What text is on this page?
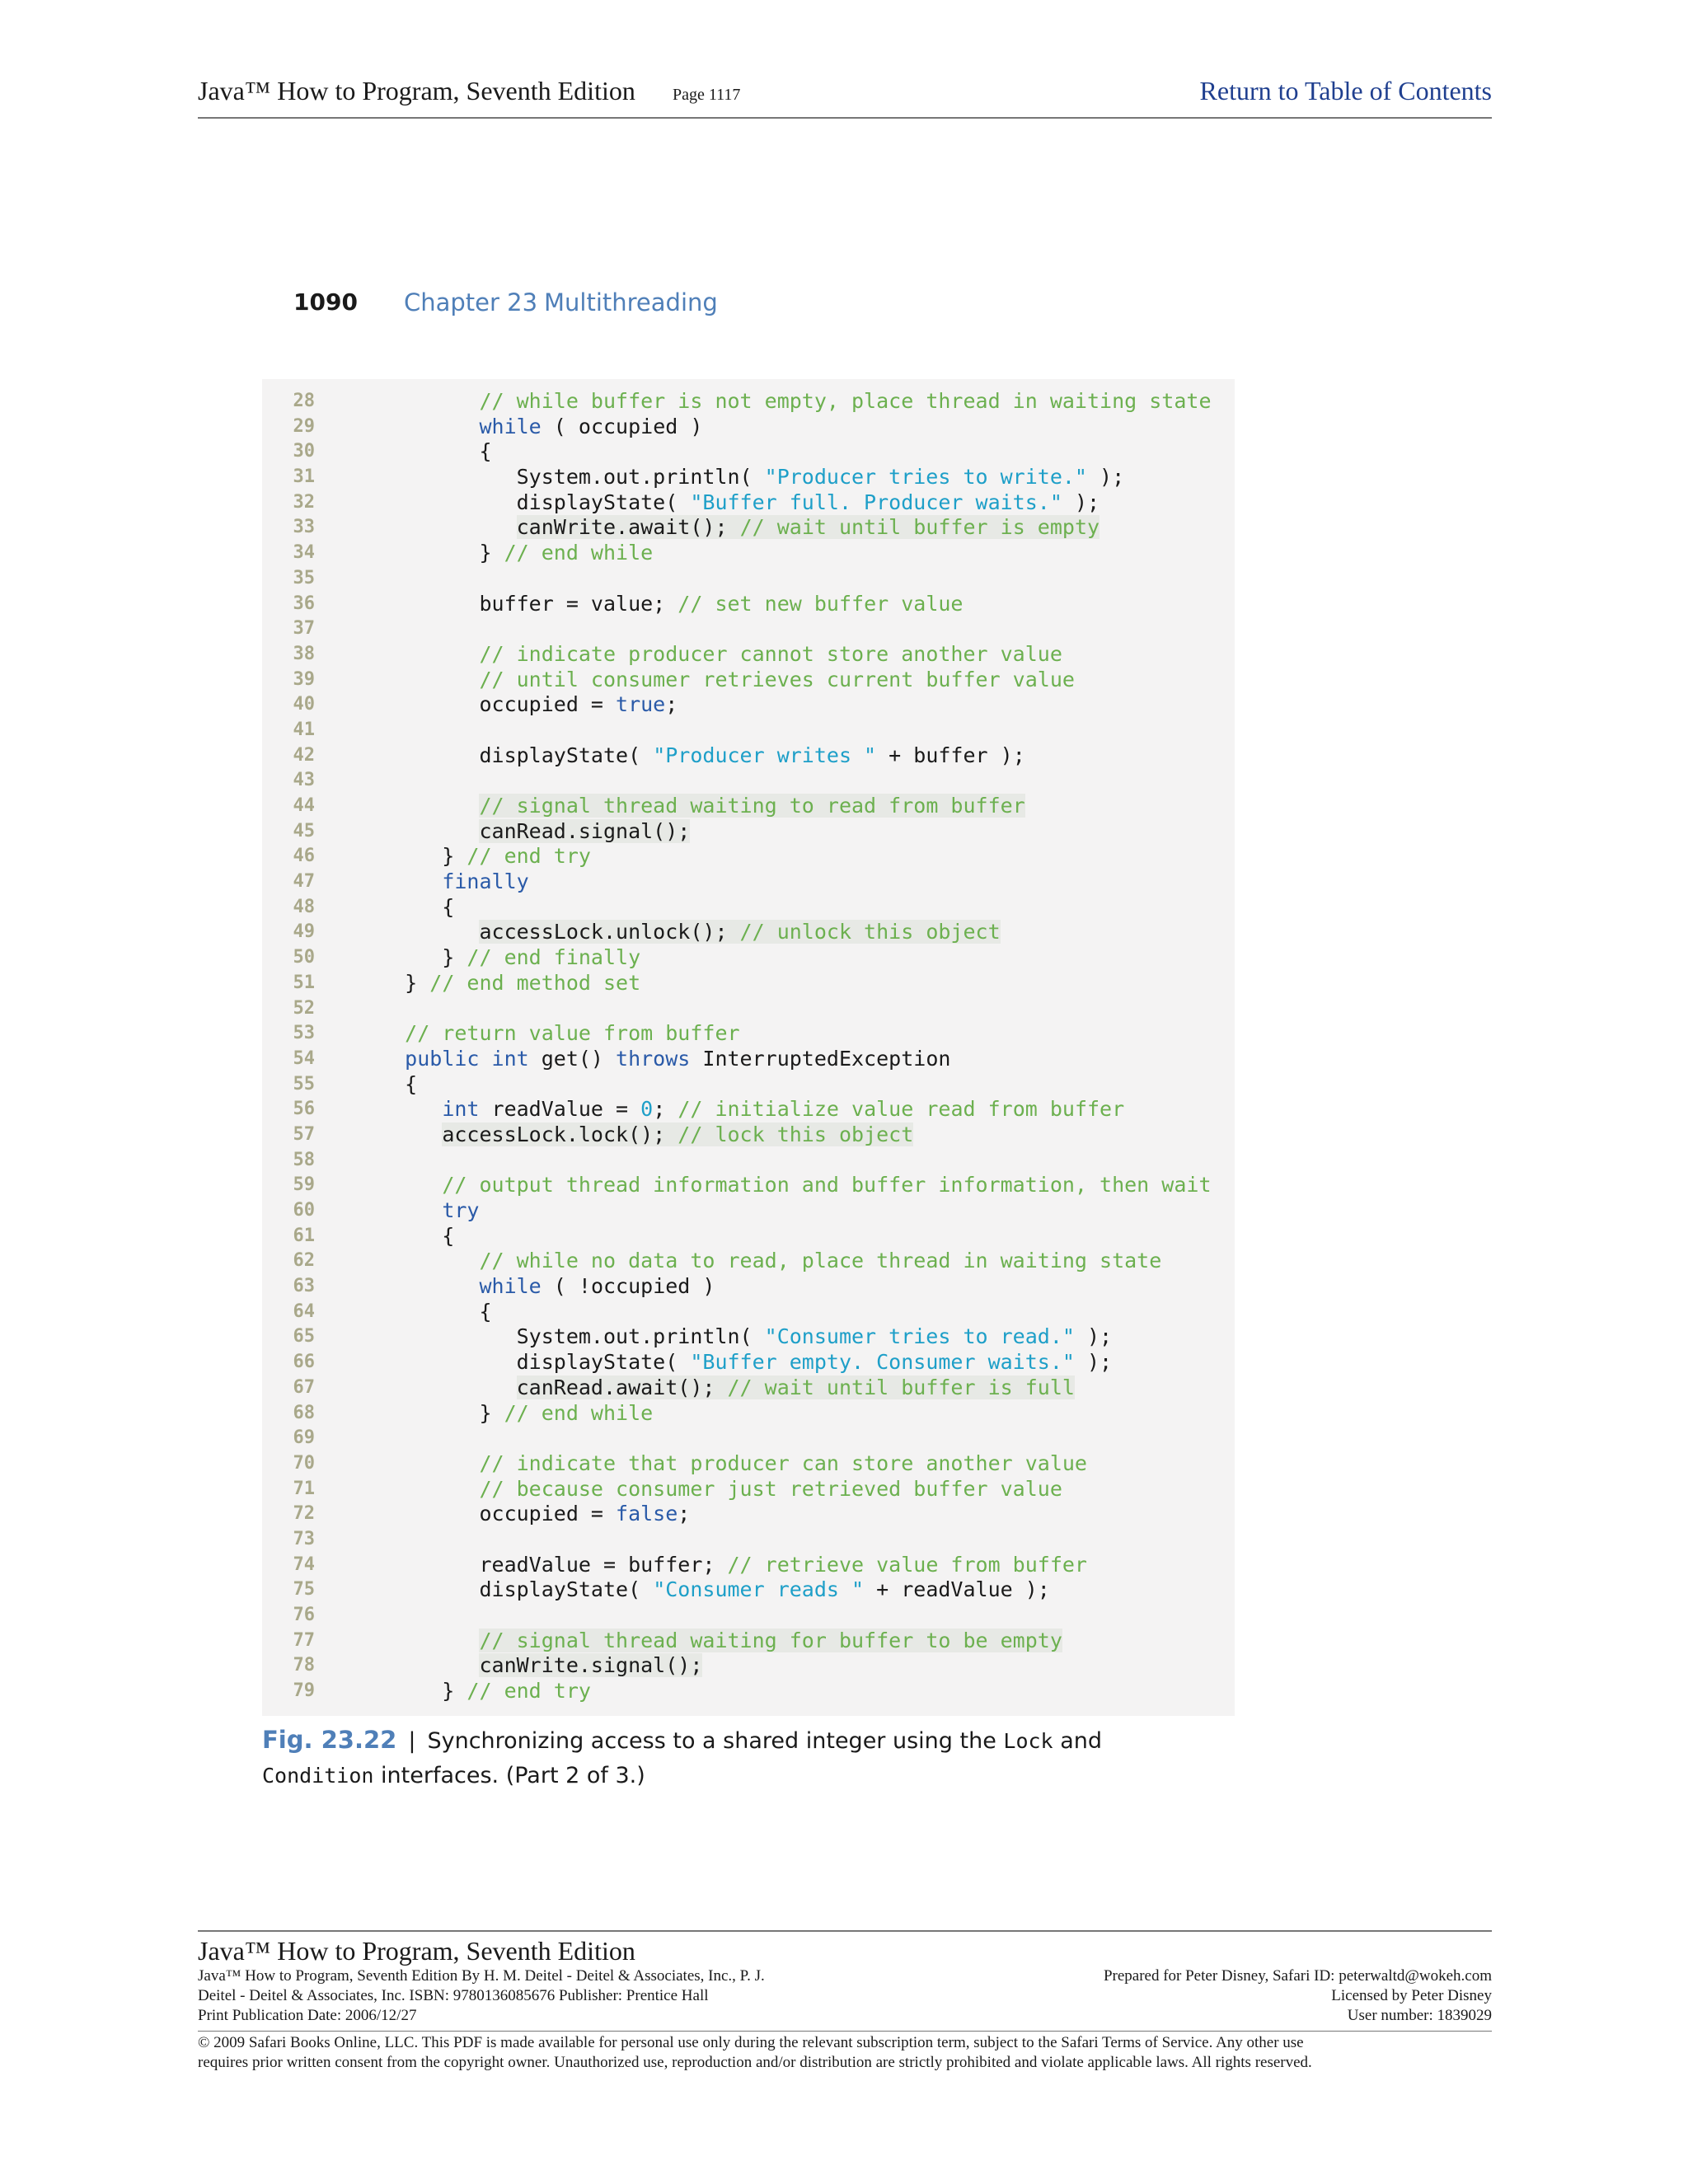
Java™ How to Program, Seventh Edition Page 1117	Return to Table of Contents
1090 Chapter 23 Multithreading
28	// while buffer is not empty, place thread in waiting state
29	while ( occupied )
30	{
31	System.out.println( "Producer tries to write." );
32	displayState( "Buffer full. Producer waits." );
33	canWrite.await(); // wait until buffer is empty
34	} // end while
35
36	buffer = value; // set new buffer value
37
38	// indicate producer cannot store another value
39	// until consumer retrieves current buffer value
40	occupied = true;
41
42	displayState( "Producer writes " + buffer );
43
44	// signal thread waiting to read from buffer
45	canRead.signal();
46	} // end try
47	finally
48	{
49	accessLock.unlock(); // unlock this object
50	} // end finally
51	} // end method set
52
53	// return value from buffer
54	public int get() throws InterruptedException
55	{
56	int readValue = 0; // initialize value read from buffer
57	accessLock.lock(); // lock this object
58
59	// output thread information and buffer information, then wait
60	try
61	{
62	// while no data to read, place thread in waiting state
63	while ( !occupied )
64	{
65	System.out.println( "Consumer tries to read." );
66	displayState( "Buffer empty. Consumer waits." );
67	canRead.await(); // wait until buffer is full
68	} // end while
69
70	// indicate that producer can store another value
71	// because consumer just retrieved buffer value
72	occupied = false;
73
74	readValue = buffer; // retrieve value from buffer
75	displayState( "Consumer reads " + readValue );
76
77	// signal thread waiting for buffer to be empty
78	canWrite.signal();
79	} // end try
Fig. 23.22 | Synchronizing access to a shared integer using the Lock and Condition interfaces. (Part 2 of 3.)
Java™ How to Program, Seventh Edition
Java™ How to Program, Seventh Edition By H. M. Deitel - Deitel & Associates, Inc., P. J.
Deitel - Deitel & Associates, Inc. ISBN: 9780136085676 Publisher: Prentice Hall
Print Publication Date: 2006/12/27
Prepared for Peter Disney, Safari ID: peterwaltd@wokeh.com
Licensed by Peter Disney
User number: 1839029
© 2009 Safari Books Online, LLC. This PDF is made available for personal use only during the relevant subscription term, subject to the Safari Terms of Service. Any other use
requires prior written consent from the copyright owner. Unauthorized use, reproduction and/or distribution are strictly prohibited and violate applicable laws. All rights reserved.
